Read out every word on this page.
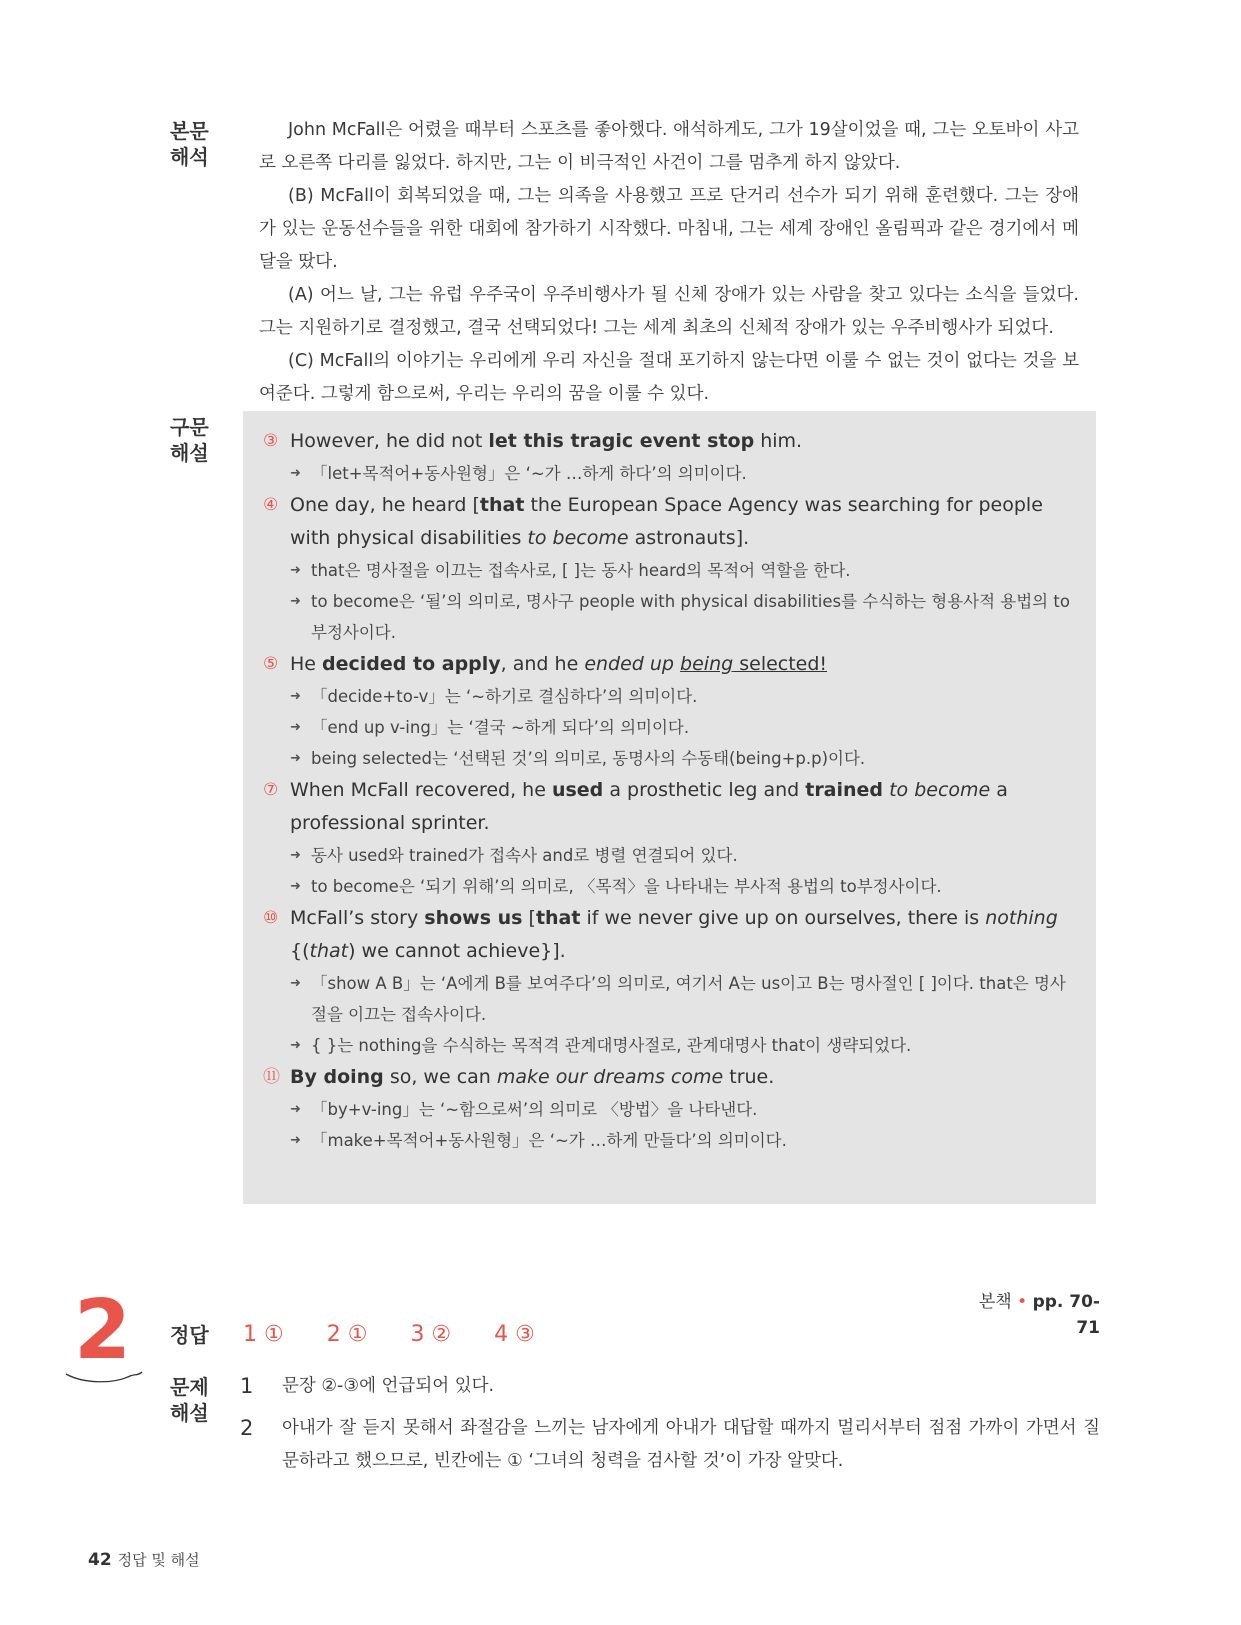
본문
해석

John McFall은 어렸을 때부터 스포츠를 좋아했다. 애석하게도, 그가 19살이었을 때, 그는 오토바이 사고로 오른쪽 다리를 잃었다. 하지만, 그는 이 비극적인 사건이 그를 멈추게 하지 않았다.

(B) McFall이 회복되었을 때, 그는 의족을 사용했고 프로 단거리 선수가 되기 위해 훈련했다. 그는 장애가 있는 운동선수들을 위한 대회에 참가하기 시작했다. 마침내, 그는 세계 장애인 올림픽과 같은 경기에서 메달을 땄다.

(A) 어느 날, 그는 유럽 우주국이 우주비행사가 될 신체 장애가 있는 사람을 찾고 있다는 소식을 들었다. 그는 지원하기로 결정했고, 결국 선택되었다! 그는 세계 최초의 신체적 장애가 있는 우주비행사가 되었다.

(C) McFall의 이야기는 우리에게 우리 자신을 절대 포기하지 않는다면 이룰 수 없는 것이 없다는 것을 보여준다. 그렇게 함으로써, 우리는 우리의 꿈을 이룰 수 있다.

구문
해설	③ However, he did not let this tragic event stop him.
➜ 「let+목적어+동사원형」은 ‘~가 …하게 하다’의 의미이다.
④ One day, he heard [that the European Space Agency was searching for people with physical disabilities to become astronauts].
➜ that은 명사절을 이끄는 접속사로, [ ]는 동사 heard의 목적어 역할을 한다.
➜ to become은 ‘될’의 의미로, 명사구 people with physical disabilities를 수식하는 형용사적 용법의 to부정사이다.
⑤ He decided to apply, and he ended up being selected!
➜ 「decide+to-v」는 ‘~하기로 결심하다’의 의미이다.
➜ 「end up v-ing」는 ‘결국 ~하게 되다’의 의미이다.
➜ being selected는 ‘선택된 것’의 의미로, 동명사의 수동태(being+p.p)이다.
⑦ When McFall recovered, he used a prosthetic leg and trained to become a professional sprinter.
➜ 동사 used와 trained가 접속사 and로 병렬 연결되어 있다.
➜ to become은 ‘되기 위해’의 의미로, 〈목적〉을 나타내는 부사적 용법의 to부정사이다.
⑩ McFall’s story shows us [that if we never give up on ourselves, there is nothing {(that) we cannot achieve}].
➜ 「show A B」는 ‘A에게 B를 보여주다’의 의미로, 여기서 A는 us이고 B는 명사절인 [ ]이다. that은 명사절을 이끄는 접속사이다.
➜ { }는 nothing을 수식하는 목적격 관계대명사절로, 관계대명사 that이 생략되었다.
⑪ By doing so, we can make our dreams come true.
➜ 「by+v-ing」는 ‘~함으로써’의 의미로 〈방법〉을 나타낸다.
➜ 「make+목적어+동사원형」은 ‘~가 …하게 만들다’의 의미이다.
2	본책 • pp. 70-71
정답	1 ① 2 ① 3 ② 4 ③
문제
해설
1 문장 ②-③에 언급되어 있다.
2 아내가 잘 듣지 못해서 좌절감을 느끼는 남자에게 아내가 대답할 때까지 멀리서부터 점점 가까이 가면서 질문하라고 했으므로, 빈칸에는 ① ‘그녀의 청력을 검사할 것’이 가장 알맞다.
42 정답 및 해설
